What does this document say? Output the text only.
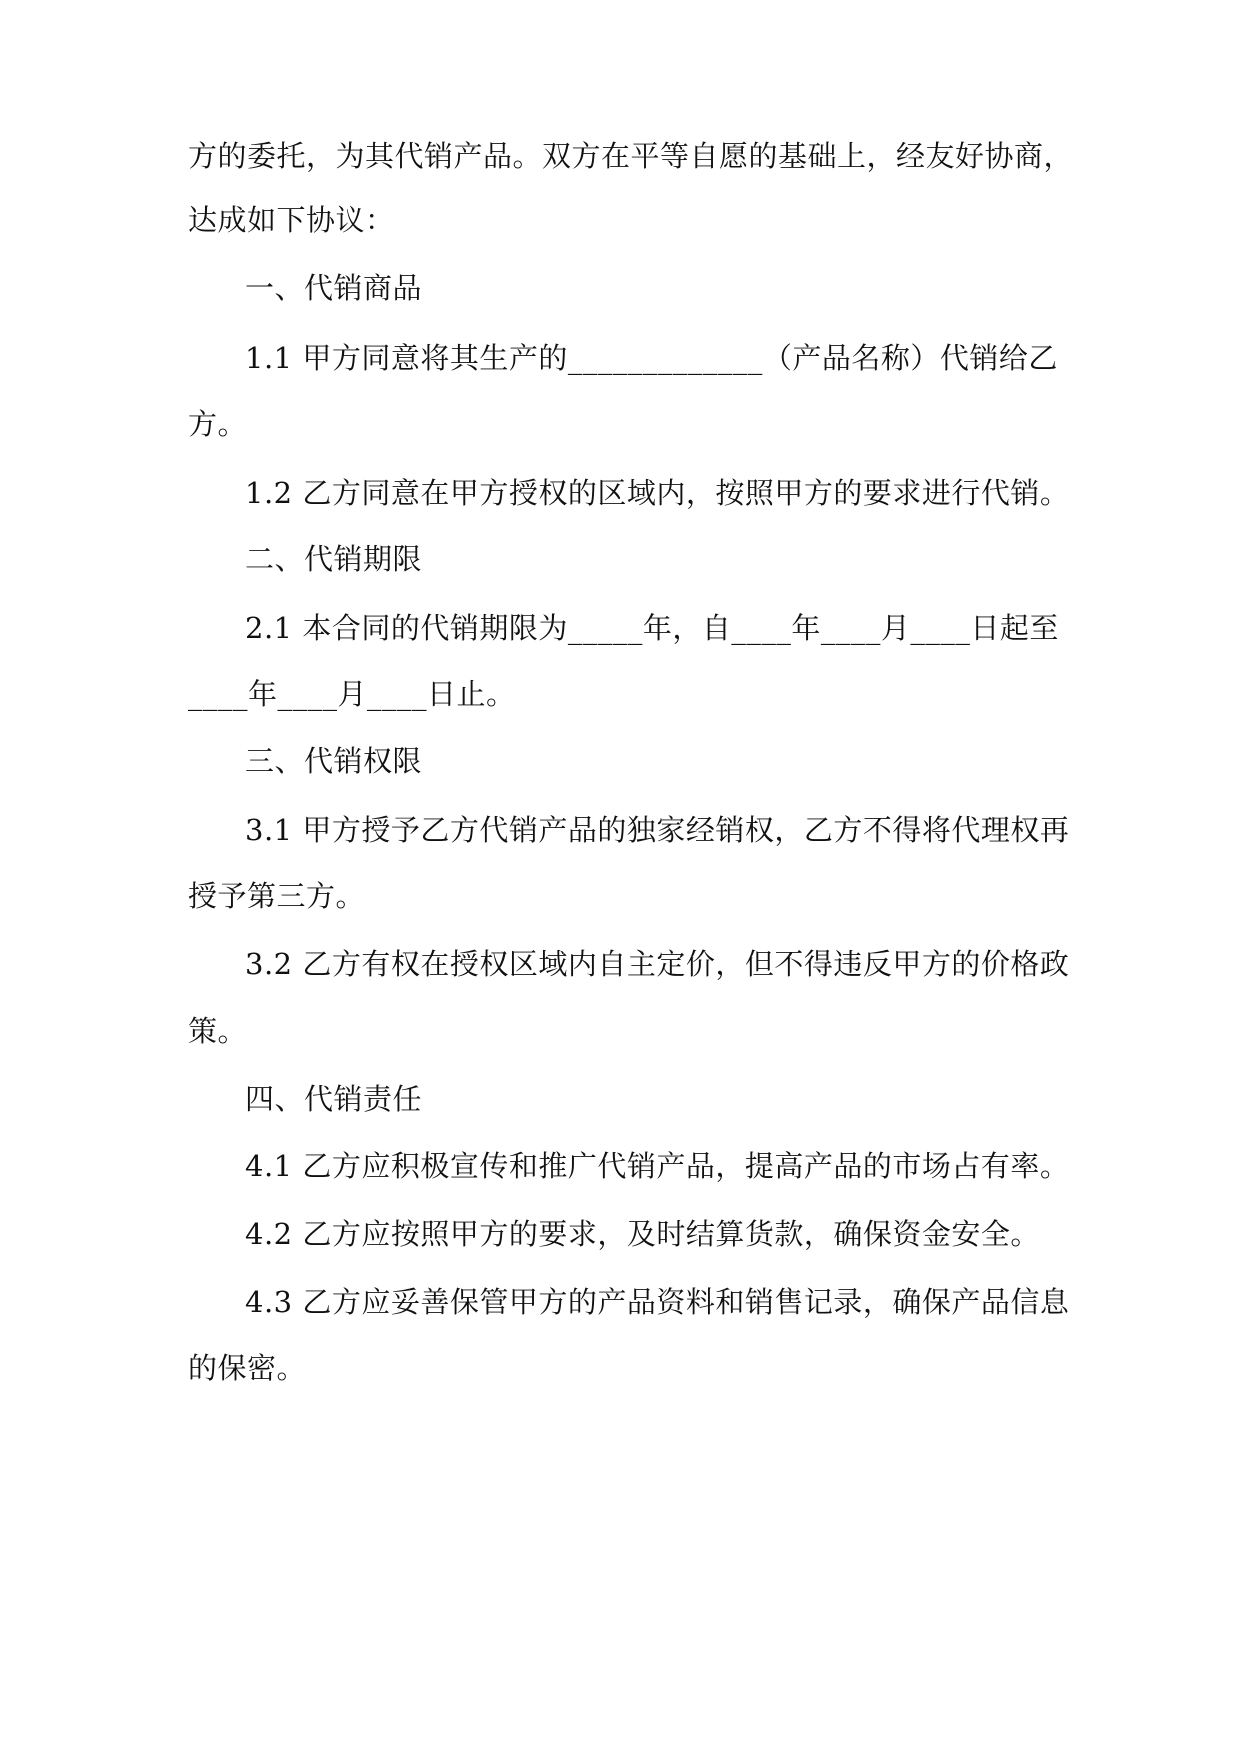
方的委托，为其代销产品。双方在平等自愿的基础上，经友好协商，
达成如下协议：
一、代销商品
1.1 甲方同意将其生产的_____________（产品名称）代销给乙
方。
1.2 乙方同意在甲方授权的区域内，按照甲方的要求进行代销。
二、代销期限
2.1 本合同的代销期限为_____年，自____年____月____日起至
____年____月____日止。
三、代销权限
3.1 甲方授予乙方代销产品的独家经销权，乙方不得将代理权再
授予第三方。
3.2 乙方有权在授权区域内自主定价，但不得违反甲方的价格政
策。
四、代销责任
4.1 乙方应积极宣传和推广代销产品，提高产品的市场占有率。
4.2 乙方应按照甲方的要求，及时结算货款，确保资金安全。
4.3 乙方应妥善保管甲方的产品资料和销售记录，确保产品信息
的保密。
